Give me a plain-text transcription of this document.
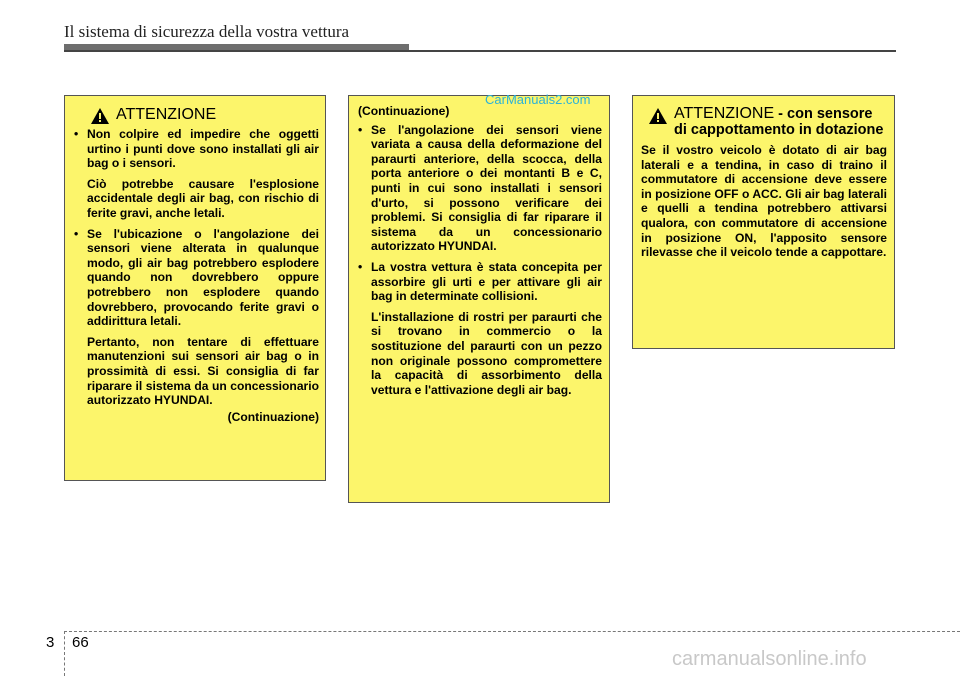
Il sistema di sicurezza della vostra vettura
ATTENZIONE
• Non colpire ed impedire che oggetti urtino i punti dove sono installati gli air bag o i sensori.
Ciò potrebbe causare l'esplosione accidentale degli air bag, con rischio di ferite gravi, anche letali.
• Se l'ubicazione o l'angolazione dei sensori viene alterata in qualunque modo, gli air bag potrebbero esplodere quando non dovrebbero oppure potrebbero non esplodere quando dovrebbero, provocando ferite gravi o addirittura letali.
Pertanto, non tentare di effettuare manutenzioni sui sensori air bag o in prossimità di essi. Si consiglia di far riparare il sistema da un concessionario autorizzato HYUNDAI.
(Continuazione)
(Continuazione)
• Se l'angolazione dei sensori viene variata a causa della deformazione del paraurti anteriore, della scocca, della porta anteriore o dei montanti B e C, punti in cui sono installati i sensori d'urto, si possono verificare dei problemi. Si consiglia di far riparare il sistema da un concessionario autorizzato HYUNDAI.
• La vostra vettura è stata concepita per assorbire gli urti e per attivare gli air bag in determinate collisioni.
L'installazione di rostri per paraurti che si trovano in commercio o la sostituzione del paraurti con un pezzo non originale possono compromettere la capacità di assorbimento della vettura e l'attivazione degli air bag.
ATTENZIONE - con sensore di cappottamento in dotazione

Se il vostro veicolo è dotato di air bag laterali e a tendina, in caso di traino il commutatore di accensione deve essere in posizione OFF o ACC. Gli air bag laterali e quelli a tendina potrebbero attivarsi qualora, con commutatore di accensione in posizione ON, l'apposito sensore rilevasse che il veicolo tende a cappottare.

CarManuals2.com
3 66
carmanualsonline.info
